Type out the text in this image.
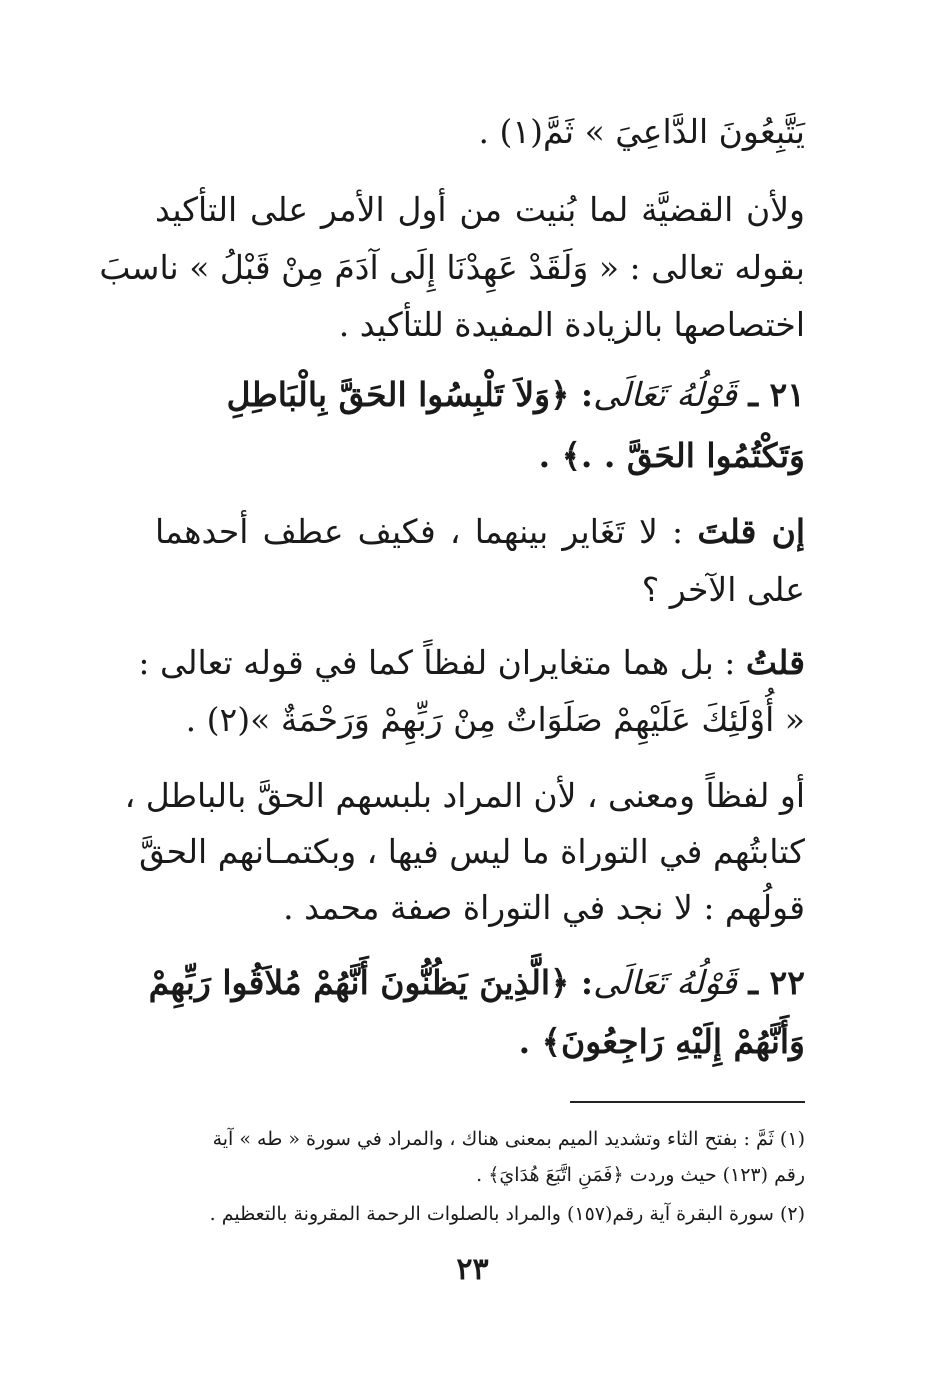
يَتَّبِعُونَ الدَّاعِيَ » ثَمَّ(١) .
ولأن القضيَّة لما بُنيت من أول الأمر على التأكيد
بقوله تعالى : « وَلَقَدْ عَهِدْنَا إِلَى آدَمَ مِنْ قَبْلُ » ناسبَ
اختصاصها بالزيادة المفيدة للتأكيد .
٢١ ـ قَوْلُهُ تَعَالَى: ﴿وَلاَ تَلْبِسُوا الحَقَّ بِالْبَاطِلِ
وَتَكْتُمُوا الحَقَّ . .﴾ .
إن قلتَ : لا تَغَاير بينهما ، فكيف عطف أحدهما
على الآخر ؟
قلتُ : بل هما متغايران لفظاً كما في قوله تعالى :
« أُوْلَئِكَ عَلَيْهِمْ صَلَوَاتٌ مِنْ رَبِّهِمْ وَرَحْمَةٌ »(٢) .
أو لفظاً ومعنى ، لأن المراد بلبسهم الحقَّ بالباطل ،
كتابتُهم في التوراة ما ليس فيها ، وبكتمـانهم الحقَّ
قولُهم : لا نجد في التوراة صفة محمد .
٢٢ ـ قَوْلُهُ تَعَالَى: ﴿الَّذِينَ يَظُنُّونَ أَنَّهُمْ مُلاَقُوا رَبِّهِمْ
وَأَنَّهُمْ إِلَيْهِ رَاجِعُونَ﴾ .
(١) ثَمَّ : بفتح الثاء وتشديد الميم بمعنى هناك ، والمراد في سورة « طه » آية
رقم (١٢٣) حيث وردت ﴿فَمَنِ اتَّبَعَ هُدَايَ﴾ .
(٢) سورة البقرة آية رقم(١٥٧) والمراد بالصلوات الرحمة المقرونة بالتعظيم .
٢٣
